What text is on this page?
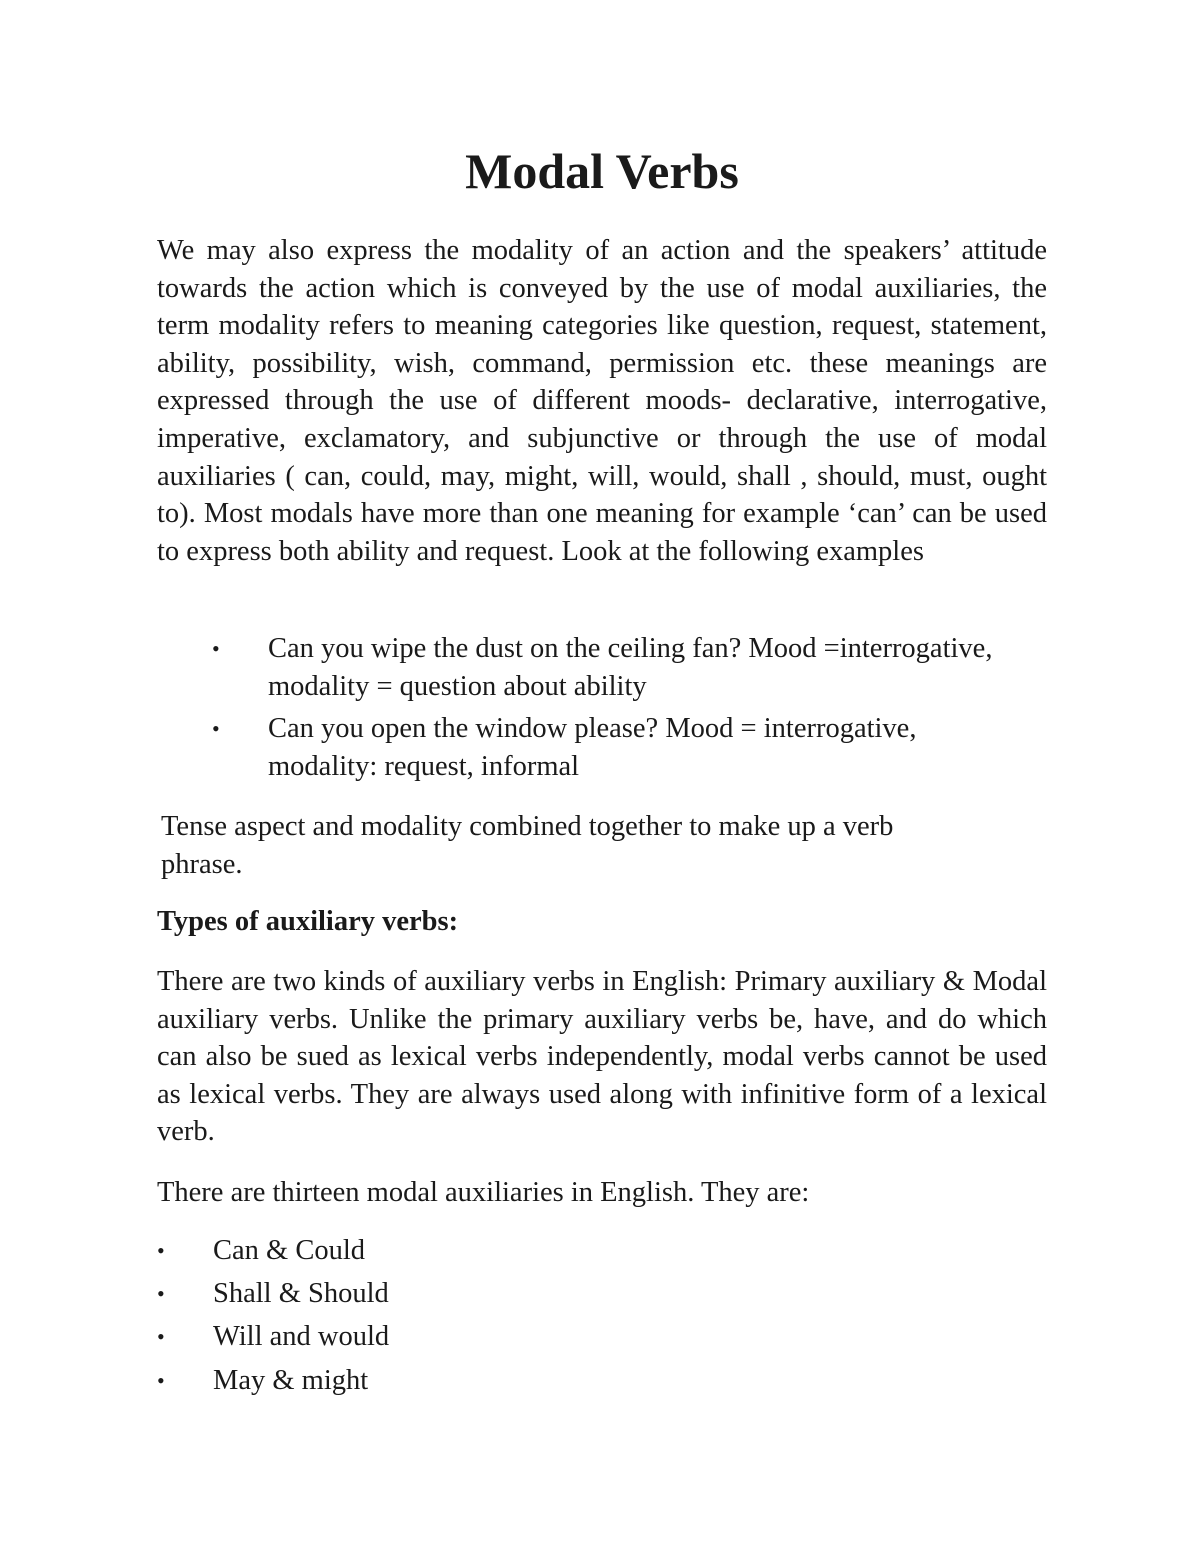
Modal Verbs

We may also express the modality of an action and the speakers’ attitude towards the action which is conveyed by the use of modal auxiliaries, the term modality refers to meaning categories like question, request, statement, ability, possibility, wish, command, permission etc. these meanings are expressed through the use of different moods- declarative, interrogative, imperative, exclamatory, and subjunctive or through the use of modal auxiliaries ( can, could, may, might, will, would, shall , should, must, ought to). Most modals have more than one meaning for example ‘can’ can be used to express both ability and request. Look at the following examples

• Can you wipe the dust on the ceiling fan? Mood =interrogative, modality = question about ability
• Can you open the window please? Mood = interrogative, modality: request, informal

Tense aspect and modality combined together to make up a verb phrase.

Types of auxiliary verbs:

There are two kinds of auxiliary verbs in English: Primary auxiliary & Modal auxiliary verbs. Unlike the primary auxiliary verbs be, have, and do which can also be sued as lexical verbs independently, modal verbs cannot be used as lexical verbs. They are always used along with infinitive form of a lexical verb.

There are thirteen modal auxiliaries in English. They are:

• Can & Could
• Shall & Should
• Will and would
• May & might
